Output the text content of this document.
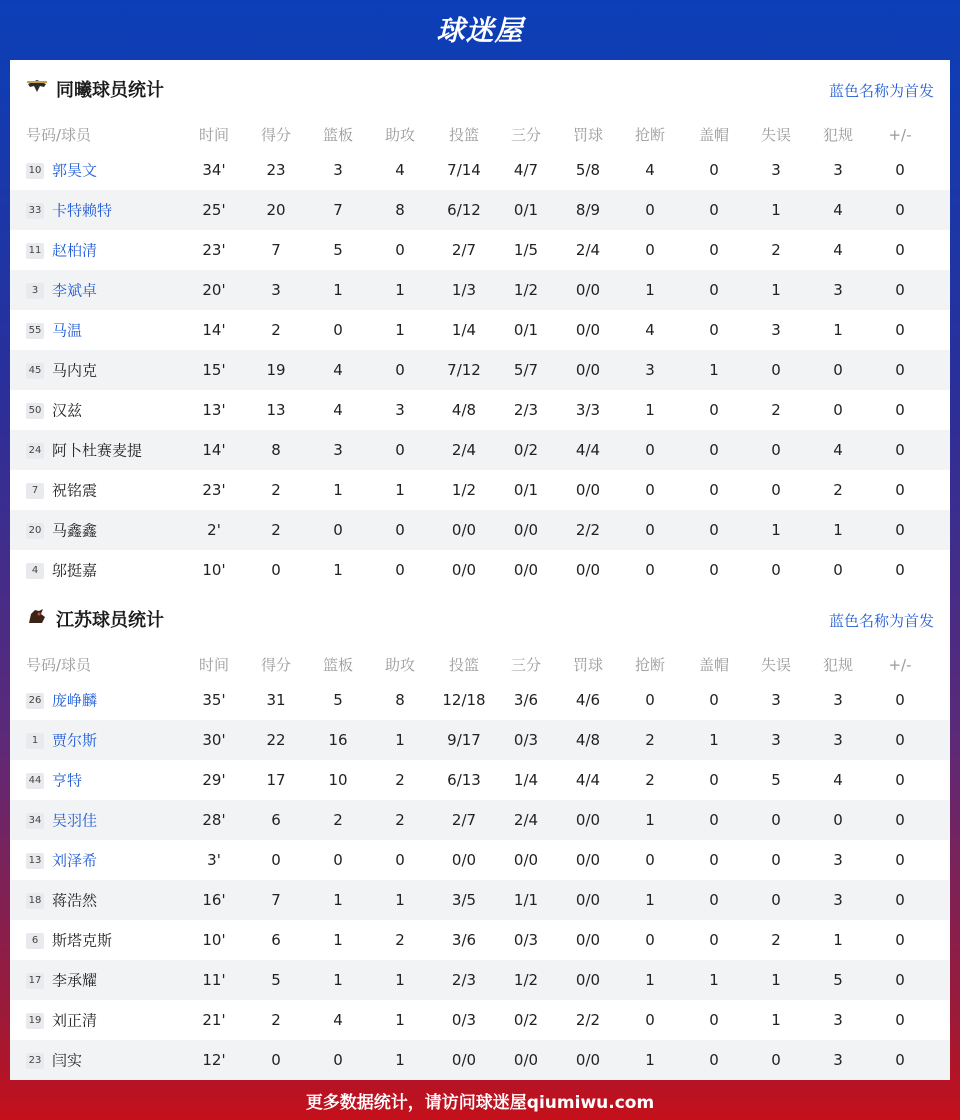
球迷屋
同曦球员统计	蓝色名称为首发
号码/球员	时间	得分	篮板	助攻	投篮	三分	罚球	抢断	盖帽	失误	犯规	+/-
10 郭昊文	34'	23	3	4	7/14	4/7	5/8	4	0	3	3	0
33 卡特赖特	25'	20	7	8	6/12	0/1	8/9	0	0	1	4	0
11 赵柏清	23'	7	5	0	2/7	1/5	2/4	0	0	2	4	0
3 李斌卓	20'	3	1	1	1/3	1/2	0/0	1	0	1	3	0
55 马温	14'	2	0	1	1/4	0/1	0/0	4	0	3	1	0
45 马内克	15'	19	4	0	7/12	5/7	0/0	3	1	0	0	0
50 汉兹	13'	13	4	3	4/8	2/3	3/3	1	0	2	0	0
24 阿卜杜赛麦提	14'	8	3	0	2/4	0/2	4/4	0	0	0	4	0
7 祝铭震	23'	2	1	1	1/2	0/1	0/0	0	0	0	2	0
20 马鑫鑫	2'	2	0	0	0/0	0/0	2/2	0	0	1	1	0
4 邬挺嘉	10'	0	1	0	0/0	0/0	0/0	0	0	0	0	0
江苏球员统计	蓝色名称为首发
号码/球员	时间	得分	篮板	助攻	投篮	三分	罚球	抢断	盖帽	失误	犯规	+/-
26 庞峥麟	35'	31	5	8	12/18	3/6	4/6	0	0	3	3	0
1 贾尔斯	30'	22	16	1	9/17	0/3	4/8	2	1	3	3	0
44 亨特	29'	17	10	2	6/13	1/4	4/4	2	0	5	4	0
34 吴羽佳	28'	6	2	2	2/7	2/4	0/0	1	0	0	0	0
13 刘泽希	3'	0	0	0	0/0	0/0	0/0	0	0	0	3	0
18 蒋浩然	16'	7	1	1	3/5	1/1	0/0	1	0	0	3	0
6 斯塔克斯	10'	6	1	2	3/6	0/3	0/0	0	0	2	1	0
17 李承耀	11'	5	1	1	2/3	1/2	0/0	1	1	1	5	0
19 刘正清	21'	2	4	1	0/3	0/2	2/2	0	0	1	3	0
23 闫实	12'	0	0	1	0/0	0/0	0/0	1	0	0	3	0
更多数据统计，请访问球迷屋qiumiwu.com
